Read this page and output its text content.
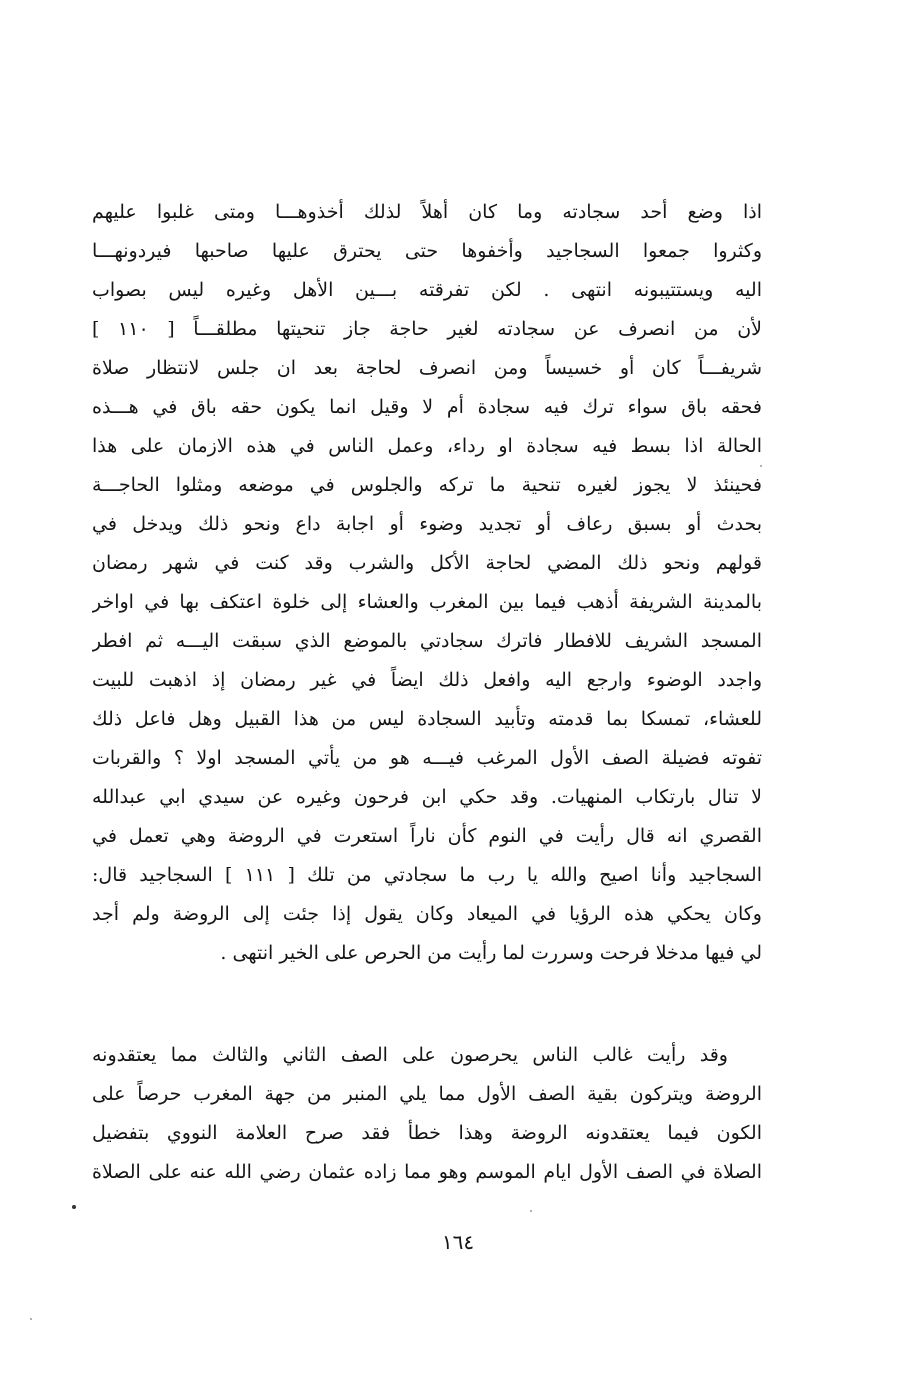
اذا وضع أحد سجادته وما كان أهلاً لذلك أخذوهـــا ومتى غلبوا عليهم
وكثروا جمعوا السجاجيد وأخفوها حتى يحترق عليها صاحبها فيردونهـــا
اليه ويستتيبونه انتهى . لكن تفرقته بـــين الأهل وغيره ليس بصواب
لأن من انصرف عن سجادته لغير حاجة جاز تنحيتها مطلقـــاً [ ١١٠ ]
شريفـــاً كان أو خسيساً ومن انصرف لحاجة بعد ان جلس لانتظار صلاة
فحقه باق سواء ترك فيه سجادة أم لا وقيل انما يكون حقه باق في هـــذه
الحالة اذا بسط فيه سجادة او رداء، وعمل الناس في هذه الازمان على هذا
فحينئذ لا يجوز لغيره تنحية ما تركه والجلوس في موضعه ومثلوا الحاجـــة
بحدث أو بسبق رعاف أو تجديد وضوء أو اجابة داع ونحو ذلك ويدخل في
قولهم ونحو ذلك المضي لحاجة الأكل والشرب وقد كنت في شهر رمضان
بالمدينة الشريفة أذهب فيما بين المغرب والعشاء إلى خلوة اعتكف بها في اواخر
المسجد الشريف للافطار فاترك سجادتي بالموضع الذي سبقت اليـــه ثم افطر
واجدد الوضوء وارجع اليه وافعل ذلك ايضاً في غير رمضان إذ اذهبت للبيت
للعشاء، تمسكا بما قدمته وتأبيد السجادة ليس من هذا القبيل وهل فاعل ذلك
تفوته فضيلة الصف الأول المرغب فيـــه هو من يأتي المسجد اولا ؟ والقربات
لا تنال بارتكاب المنهيات. وقد حكي ابن فرحون وغيره عن سيدي ابي عبدالله
القصري انه قال رأيت في النوم كأن ناراً استعرت في الروضة وهي تعمل في
السجاجيد وأنا اصيح والله يا رب ما سجادتي من تلك [ ١١١ ] السجاجيد قال:
وكان يحكي هذه الرؤيا في الميعاد وكان يقول إذا جئت إلى الروضة ولم أجد
لي فيها مدخلا فرحت وسررت لما رأيت من الحرص على الخير انتهى .
وقد رأيت غالب الناس يحرصون على الصف الثاني والثالث مما يعتقدونه
الروضة ويتركون بقية الصف الأول مما يلي المنبر من جهة المغرب حرصاً على
الكون فيما يعتقدونه الروضة وهذا خطأ فقد صرح العلامة النووي بتفضيل
الصلاة في الصف الأول ايام الموسم وهو مما زاده عثمان رضي الله عنه على الصلاة
١٦٤
